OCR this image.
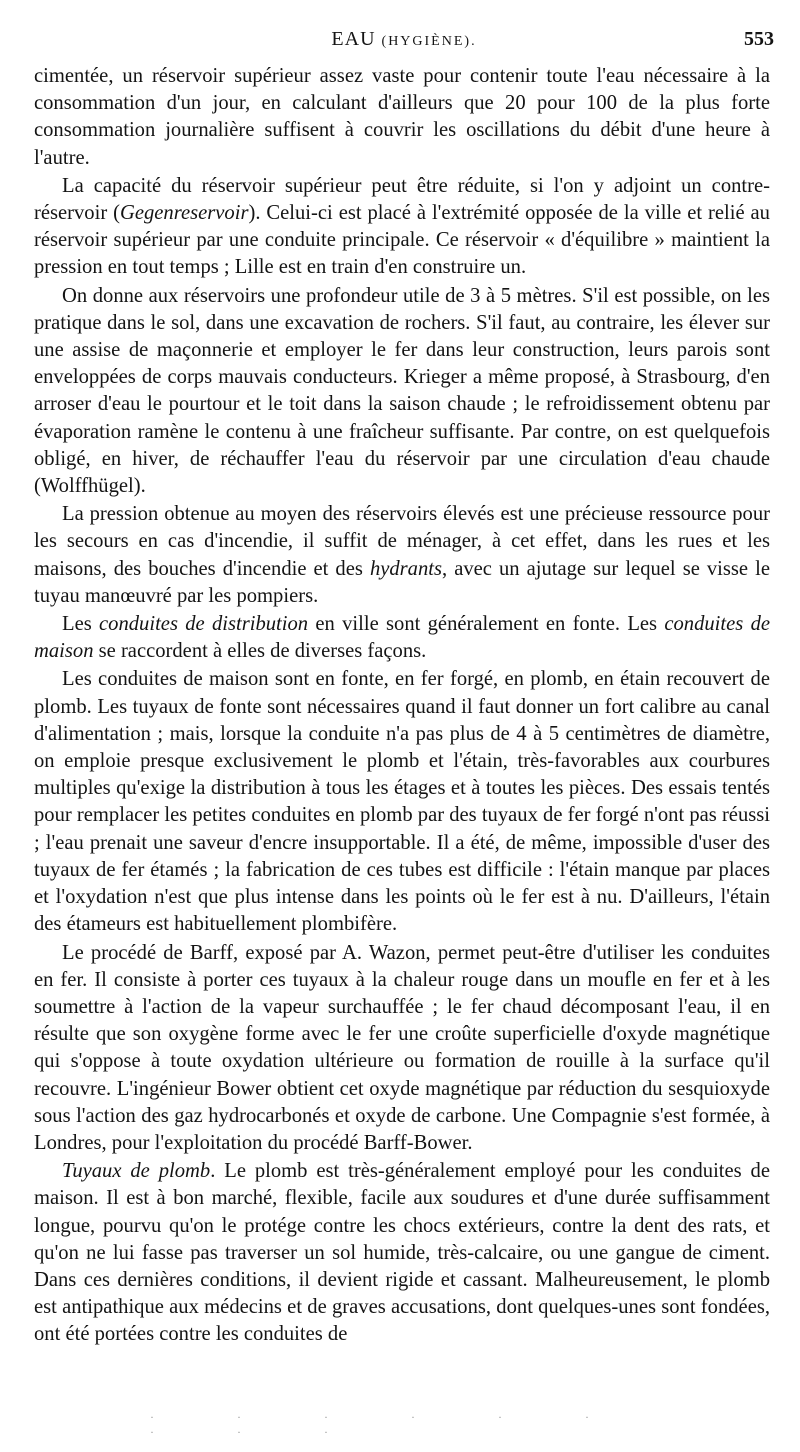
EAU (HYGIÈNE).	553

cimentée, un réservoir supérieur assez vaste pour contenir toute l'eau nécessaire à la consommation d'un jour, en calculant d'ailleurs que 20 pour 100 de la plus forte consommation journalière suffisent à couvrir les oscillations du débit d'une heure à l'autre.

La capacité du réservoir supérieur peut être réduite, si l'on y adjoint un contre-réservoir (Gegenreservoir). Celui-ci est placé à l'extrémité opposée de la ville et relié au réservoir supérieur par une conduite principale. Ce réservoir « d'équilibre » maintient la pression en tout temps ; Lille est en train d'en construire un.

On donne aux réservoirs une profondeur utile de 3 à 5 mètres. S'il est possible, on les pratique dans le sol, dans une excavation de rochers. S'il faut, au contraire, les élever sur une assise de maçonnerie et employer le fer dans leur construction, leurs parois sont enveloppées de corps mauvais conducteurs. Krieger a même proposé, à Strasbourg, d'en arroser d'eau le pourtour et le toit dans la saison chaude ; le refroidissement obtenu par évaporation ramène le contenu à une fraîcheur suffisante. Par contre, on est quelquefois obligé, en hiver, de réchauffer l'eau du réservoir par une circulation d'eau chaude (Wolffhügel).

La pression obtenue au moyen des réservoirs élevés est une précieuse ressource pour les secours en cas d'incendie, il suffit de ménager, à cet effet, dans les rues et les maisons, des bouches d'incendie et des hydrants, avec un ajutage sur lequel se visse le tuyau manœuvré par les pompiers.

Les conduites de distribution en ville sont généralement en fonte. Les conduites de maison se raccordent à elles de diverses façons.

Les conduites de maison sont en fonte, en fer forgé, en plomb, en étain recouvert de plomb. Les tuyaux de fonte sont nécessaires quand il faut donner un fort calibre au canal d'alimentation ; mais, lorsque la conduite n'a pas plus de 4 à 5 centimètres de diamètre, on emploie presque exclusivement le plomb et l'étain, très-favorables aux courbures multiples qu'exige la distribution à tous les étages et à toutes les pièces. Des essais tentés pour remplacer les petites conduites en plomb par des tuyaux de fer forgé n'ont pas réussi ; l'eau prenait une saveur d'encre insupportable. Il a été, de même, impossible d'user des tuyaux de fer étamés ; la fabrication de ces tubes est difficile : l'étain manque par places et l'oxydation n'est que plus intense dans les points où le fer est à nu. D'ailleurs, l'étain des étameurs est habituellement plombifère.

Le procédé de Barff, exposé par A. Wazon, permet peut-être d'utiliser les conduites en fer. Il consiste à porter ces tuyaux à la chaleur rouge dans un moufle en fer et à les soumettre à l'action de la vapeur surchauffée ; le fer chaud décomposant l'eau, il en résulte que son oxygène forme avec le fer une croûte superficielle d'oxyde magnétique qui s'oppose à toute oxydation ultérieure ou formation de rouille à la surface qu'il recouvre. L'ingénieur Bower obtient cet oxyde magnétique par réduction du sesquioxyde sous l'action des gaz hydrocarbonés et oxyde de carbone. Une Compagnie s'est formée, à Londres, pour l'exploitation du procédé Barff-Bower.

Tuyaux de plomb. Le plomb est très-généralement employé pour les conduites de maison. Il est à bon marché, flexible, facile aux soudures et d'une durée suffisamment longue, pourvu qu'on le protége contre les chocs extérieurs, contre la dent des rats, et qu'on ne lui fasse pas traverser un sol humide, très-calcaire, ou une gangue de ciment. Dans ces dernières conditions, il devient rigide et cassant. Malheureusement, le plomb est antipathique aux médecins et de graves accusations, dont quelques-unes sont fondées, ont été portées contre les conduites de

· · · · · · · · ·
